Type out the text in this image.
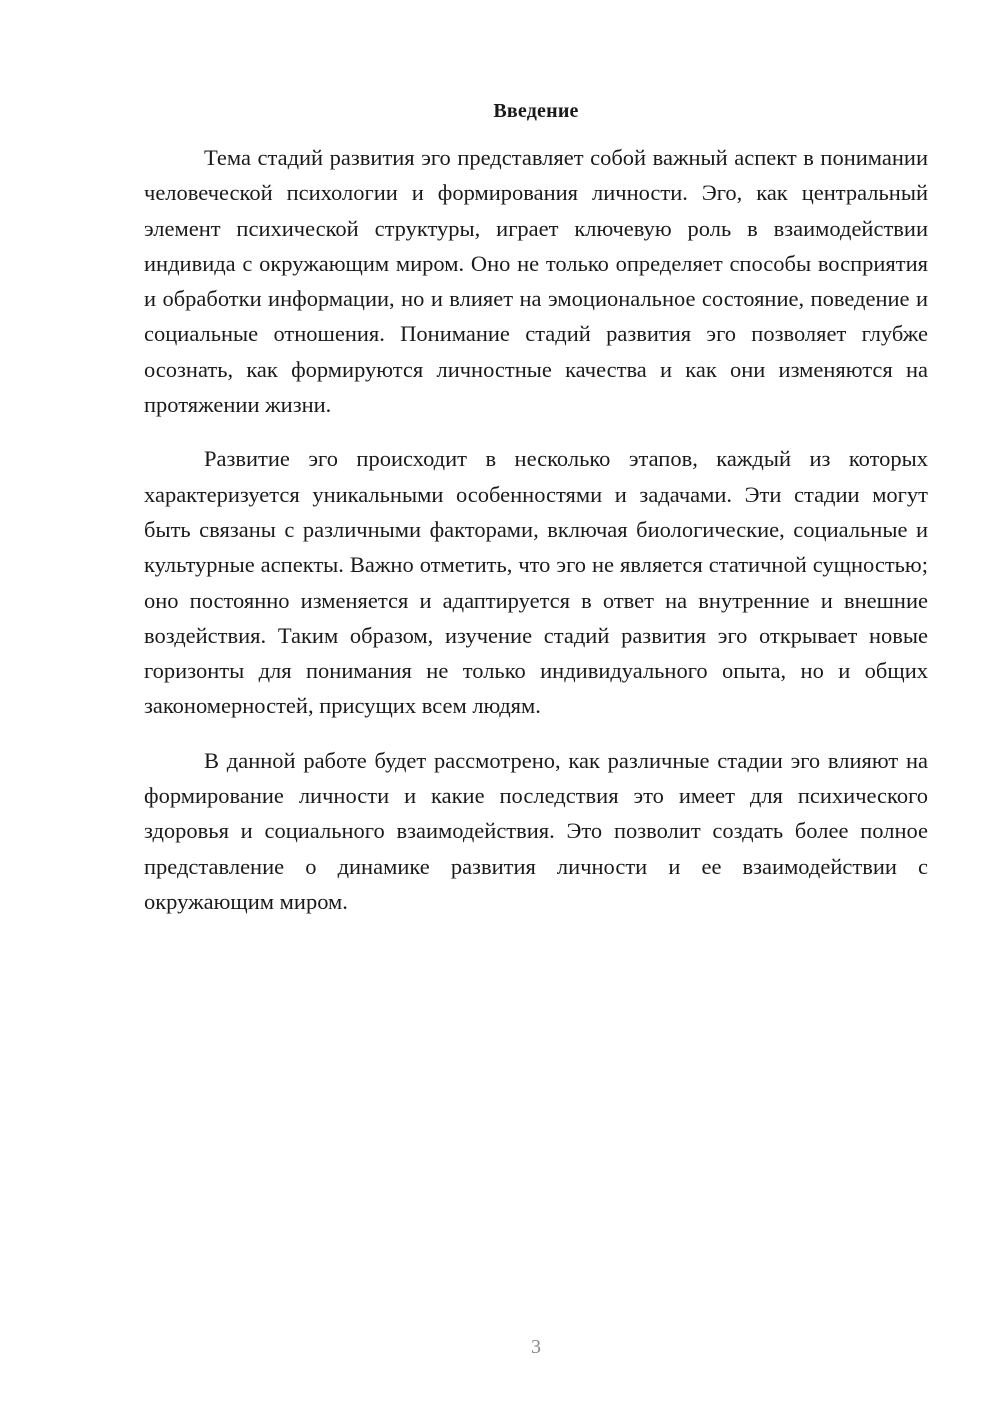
Введение

Тема стадий развития эго представляет собой важный аспект в понимании человеческой психологии и формирования личности. Эго, как центральный элемент психической структуры, играет ключевую роль в взаимодействии индивида с окружающим миром. Оно не только определяет способы восприятия и обработки информации, но и влияет на эмоциональное состояние, поведение и социальные отношения. Понимание стадий развития эго позволяет глубже осознать, как формируются личностные качества и как они изменяются на протяжении жизни.

Развитие эго происходит в несколько этапов, каждый из которых характеризуется уникальными особенностями и задачами. Эти стадии могут быть связаны с различными факторами, включая биологические, социальные и культурные аспекты. Важно отметить, что эго не является статичной сущностью; оно постоянно изменяется и адаптируется в ответ на внутренние и внешние воздействия. Таким образом, изучение стадий развития эго открывает новые горизонты для понимания не только индивидуального опыта, но и общих закономерностей, присущих всем людям.

В данной работе будет рассмотрено, как различные стадии эго влияют на формирование личности и какие последствия это имеет для психического здоровья и социального взаимодействия. Это позволит создать более полное представление о динамике развития личности и ее взаимодействии с окружающим миром.

3
